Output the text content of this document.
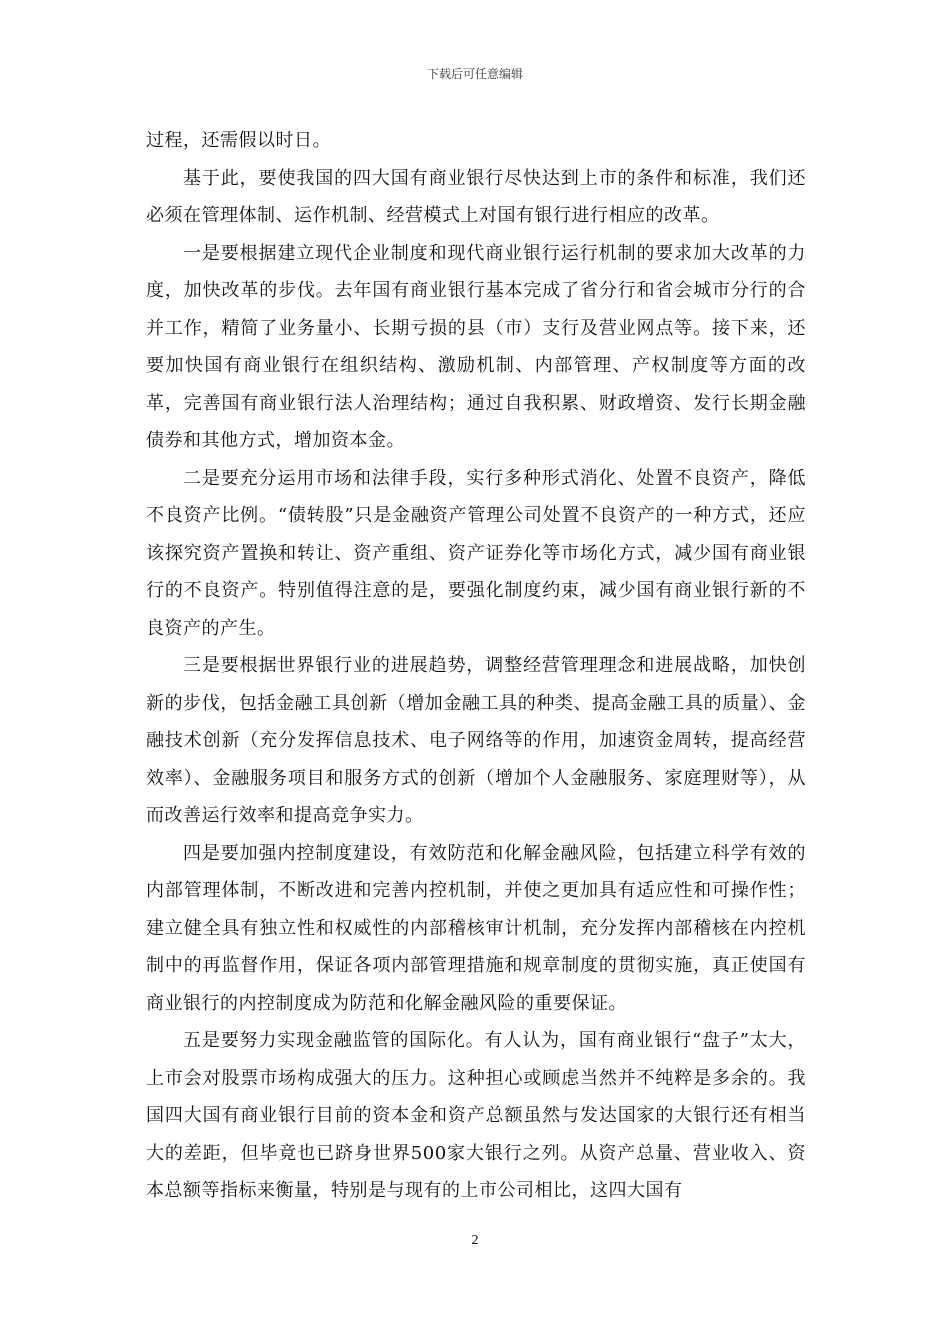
下载后可任意编辑

过程，还需假以时日。

基于此，要使我国的四大国有商业银行尽快达到上市的条件和标准，我们还必须在管理体制、运作机制、经营模式上对国有银行进行相应的改革。

一是要根据建立现代企业制度和现代商业银行运行机制的要求加大改革的力度，加快改革的步伐。去年国有商业银行基本完成了省分行和省会城市分行的合并工作，精简了业务量小、长期亏损的县（市）支行及营业网点等。接下来，还要加快国有商业银行在组织结构、激励机制、内部管理、产权制度等方面的改革，完善国有商业银行法人治理结构；通过自我积累、财政增资、发行长期金融债券和其他方式，增加资本金。

二是要充分运用市场和法律手段，实行多种形式消化、处置不良资产，降低不良资产比例。“债转股”只是金融资产管理公司处置不良资产的一种方式，还应该探究资产置换和转让、资产重组、资产证券化等市场化方式，减少国有商业银行的不良资产。特别值得注意的是，要强化制度约束，减少国有商业银行新的不良资产的产生。

三是要根据世界银行业的进展趋势，调整经营管理理念和进展战略，加快创新的步伐，包括金融工具创新（增加金融工具的种类、提高金融工具的质量）、金融技术创新（充分发挥信息技术、电子网络等的作用，加速资金周转，提高经营效率）、金融服务项目和服务方式的创新（增加个人金融服务、家庭理财等），从而改善运行效率和提高竞争实力。

四是要加强内控制度建设，有效防范和化解金融风险，包括建立科学有效的内部管理体制，不断改进和完善内控机制，并使之更加具有适应性和可操作性；建立健全具有独立性和权威性的内部稽核审计机制，充分发挥内部稽核在内控机制中的再监督作用，保证各项内部管理措施和规章制度的贯彻实施，真正使国有商业银行的内控制度成为防范和化解金融风险的重要保证。

五是要努力实现金融监管的国际化。有人认为，国有商业银行“盘子”太大，上市会对股票市场构成强大的压力。这种担心或顾虑当然并不纯粹是多余的。我国四大国有商业银行目前的资本金和资产总额虽然与发达国家的大银行还有相当大的差距，但毕竟也已跻身世界500家大银行之列。从资产总量、营业收入、资本总额等指标来衡量，特别是与现有的上市公司相比，这四大国有

2
